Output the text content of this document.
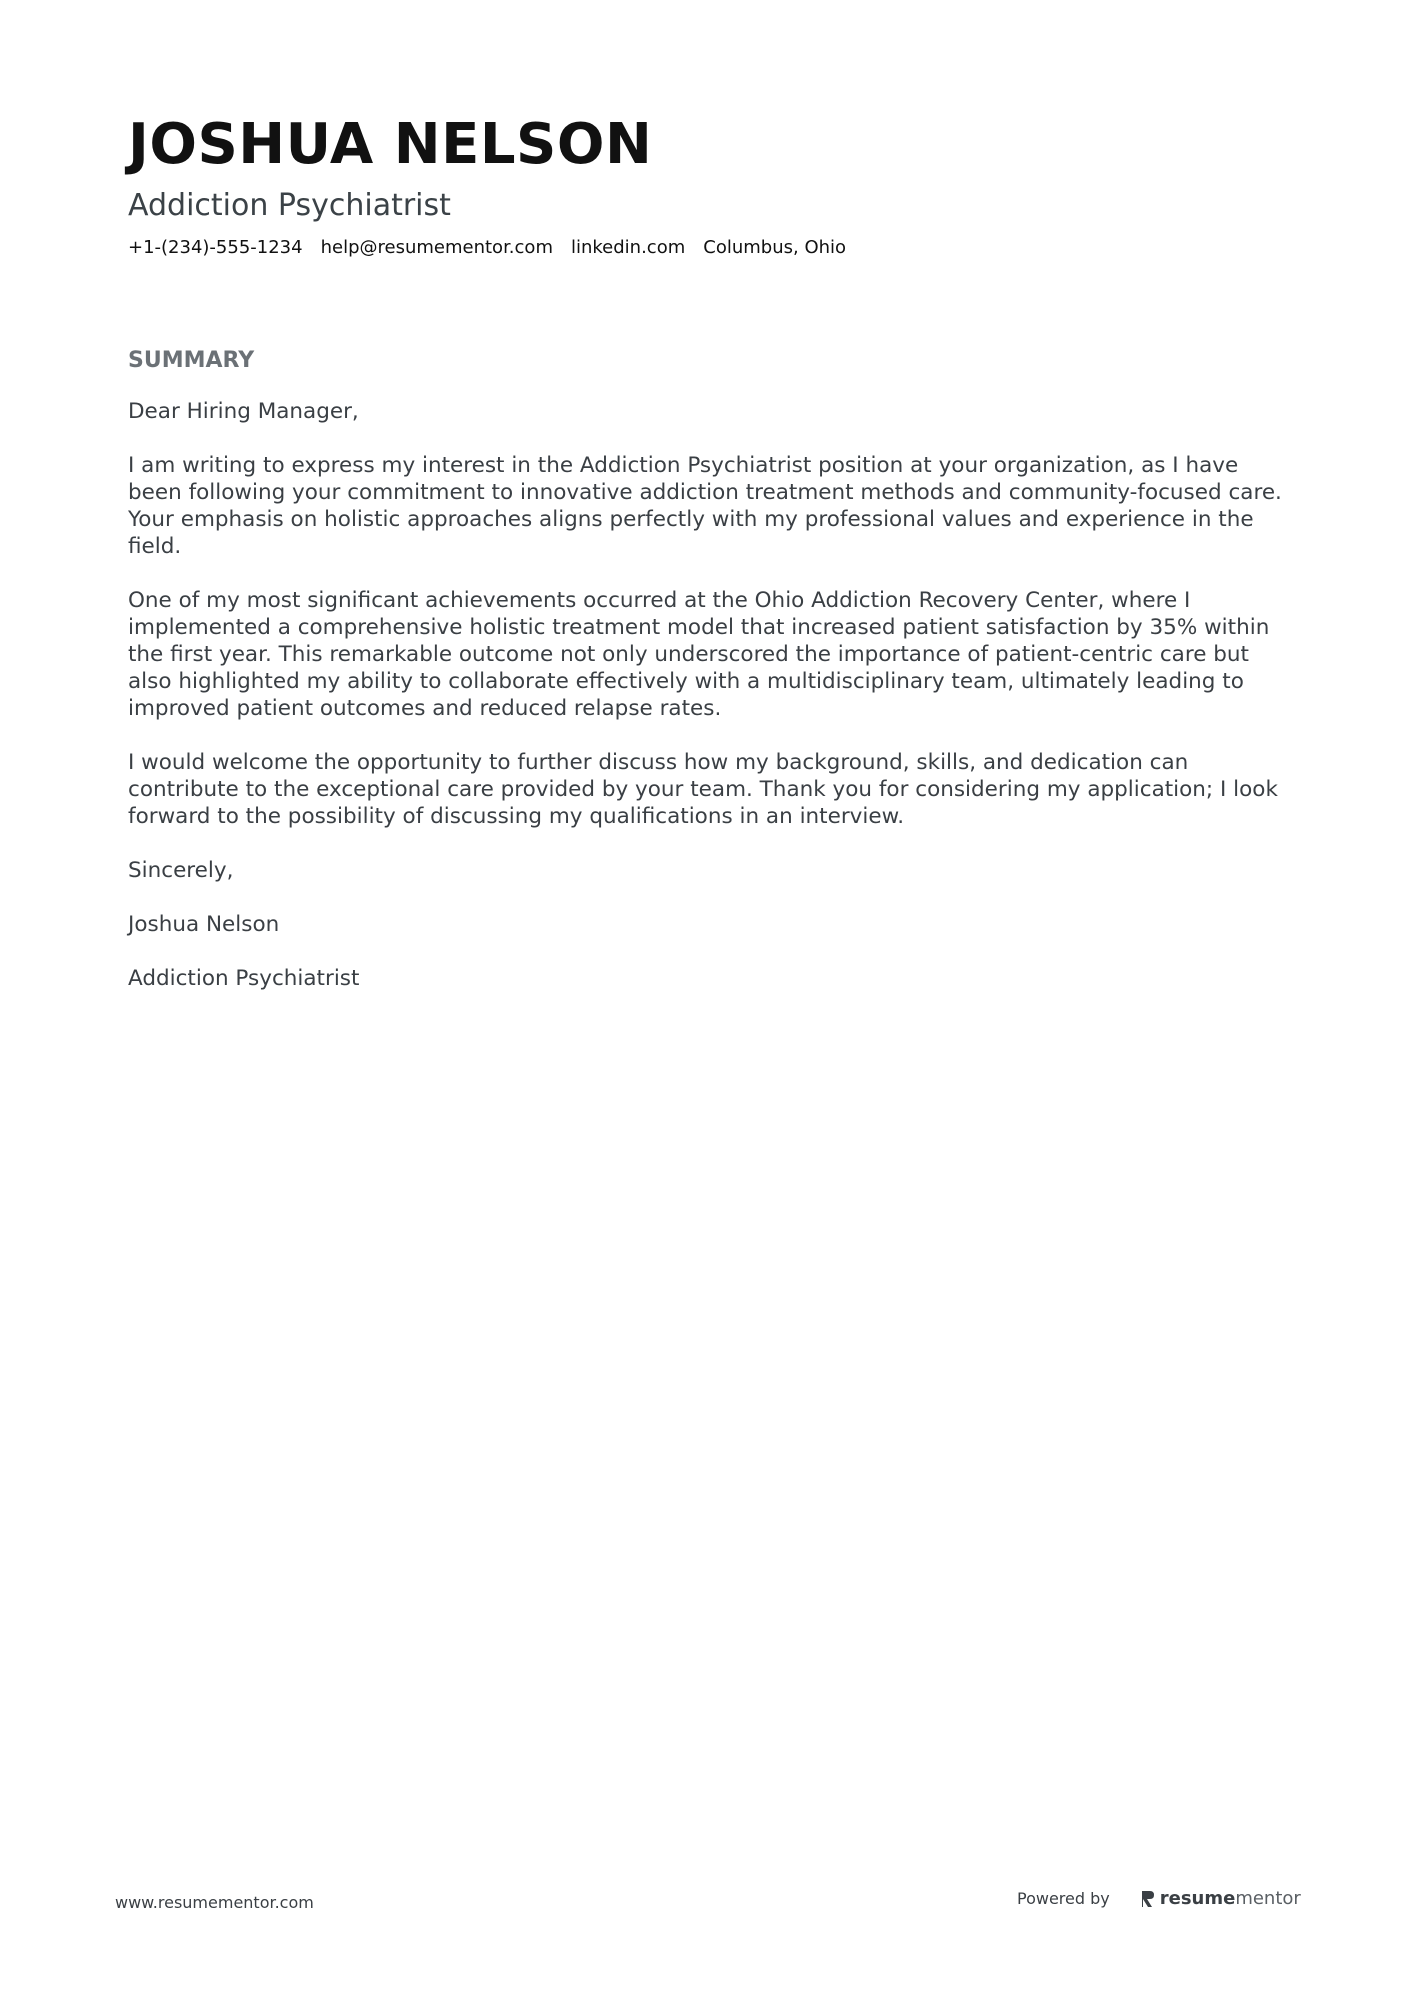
JOSHUA NELSON
Addiction Psychiatrist
+1-(234)-555-1234 help@resumementor.com linkedin.com Columbus, Ohio
SUMMARY

Dear Hiring Manager,

I am writing to express my interest in the Addiction Psychiatrist position at your organization, as I have been following your commitment to innovative addiction treatment methods and community-focused care. Your emphasis on holistic approaches aligns perfectly with my professional values and experience in the field.

One of my most significant achievements occurred at the Ohio Addiction Recovery Center, where I implemented a comprehensive holistic treatment model that increased patient satisfaction by 35% within the first year. This remarkable outcome not only underscored the importance of patient-centric care but also highlighted my ability to collaborate effectively with a multidisciplinary team, ultimately leading to improved patient outcomes and reduced relapse rates.

I would welcome the opportunity to further discuss how my background, skills, and dedication can contribute to the exceptional care provided by your team. Thank you for considering my application; I look forward to the possibility of discussing my qualifications in an interview.

Sincerely,

Joshua Nelson

Addiction Psychiatrist

www.resumementor.com	Powered by	resume mentor
